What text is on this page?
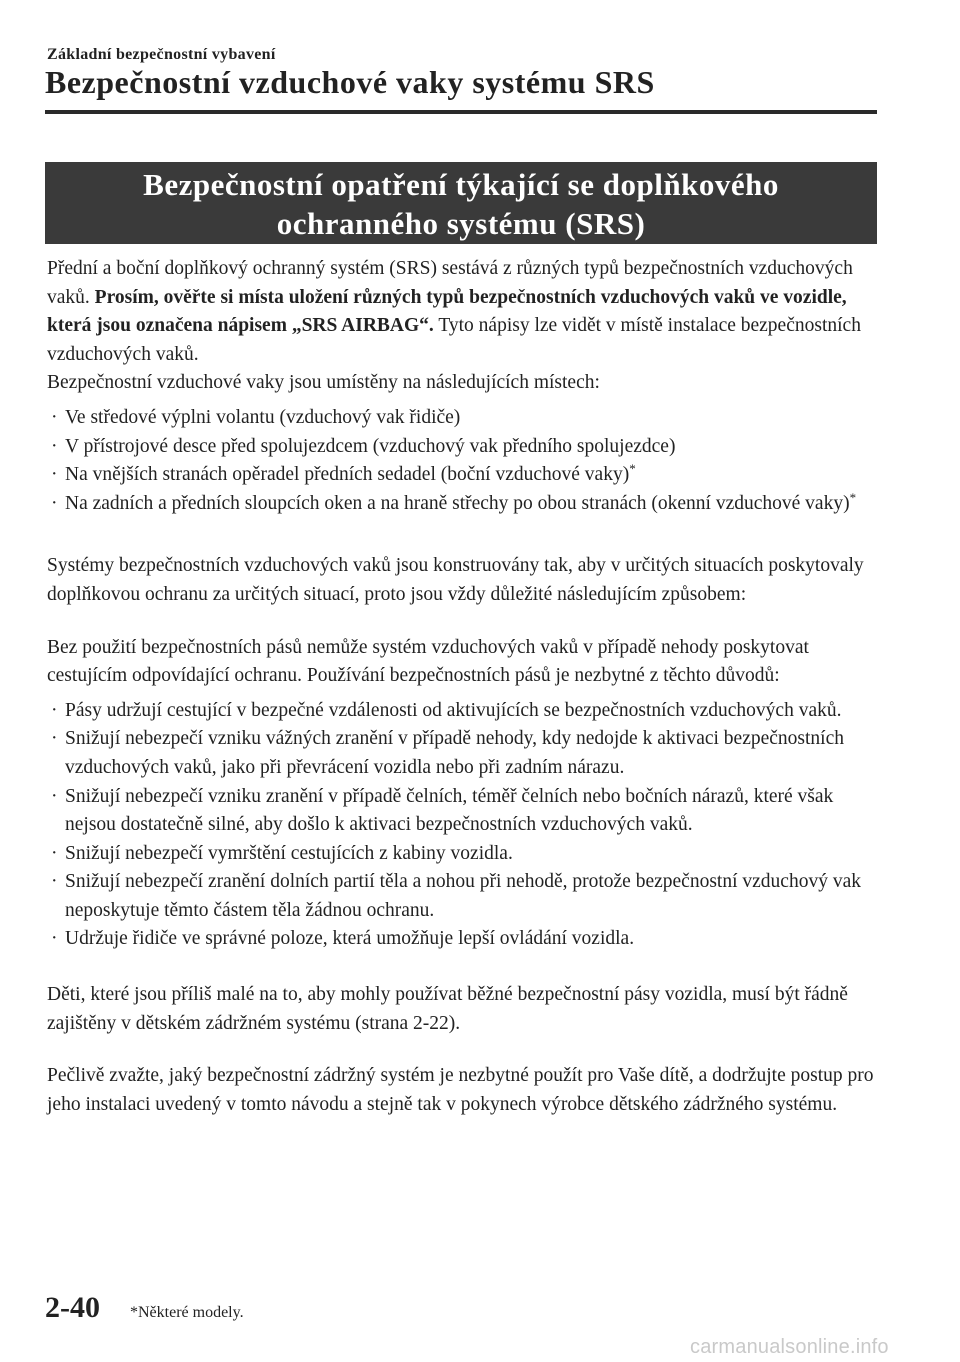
Základní bezpečnostní vybavení
Bezpečnostní vzduchové vaky systému SRS
Bezpečnostní opatření týkající se doplňkového
ochranného systému (SRS)

Přední a boční doplňkový ochranný systém (SRS) sestává z různých typů bezpečnostních vzduchových vaků. Prosím, ověřte si místa uložení různých typů bezpečnostních vzduchových vaků ve vozidle, která jsou označena nápisem „SRS AIRBAG“. Tyto nápisy lze vidět v místě instalace bezpečnostních vzduchových vaků.

Bezpečnostní vzduchové vaky jsou umístěny na následujících místech:

· Ve středové výplni volantu (vzduchový vak řidiče)
· V přístrojové desce před spolujezdcem (vzduchový vak předního spolujezdce)
· Na vnějších stranách opěradel předních sedadel (boční vzduchové vaky)*
· Na zadních a předních sloupcích oken a na hraně střechy po obou stranách (okenní vzduchové vaky)*

Systémy bezpečnostních vzduchových vaků jsou konstruovány tak, aby v určitých situacích poskytovaly doplňkovou ochranu za určitých situací, proto jsou vždy důležité následujícím způsobem:

Bez použití bezpečnostních pásů nemůže systém vzduchových vaků v případě nehody poskytovat cestujícím odpovídající ochranu. Používání bezpečnostních pásů je nezbytné z těchto důvodů:

· Pásy udržují cestující v bezpečné vzdálenosti od aktivujících se bezpečnostních vzduchových vaků.
· Snižují nebezpečí vzniku vážných zranění v případě nehody, kdy nedojde k aktivaci bezpečnostních vzduchových vaků, jako při převrácení vozidla nebo při zadním nárazu.
· Snižují nebezpečí vzniku zranění v případě čelních, téměř čelních nebo bočních nárazů, které však nejsou dostatečně silné, aby došlo k aktivaci bezpečnostních vzduchových vaků.
· Snižují nebezpečí vymrštění cestujících z kabiny vozidla.
· Snižují nebezpečí zranění dolních partií těla a nohou při nehodě, protože bezpečnostní vzduchový vak neposkytuje těmto částem těla žádnou ochranu.
· Udržuje řidiče ve správné poloze, která umožňuje lepší ovládání vozidla.

Děti, které jsou příliš malé na to, aby mohly používat běžné bezpečnostní pásy vozidla, musí být řádně zajištěny v dětském zádržném systému (strana 2-22).

Pečlivě zvažte, jaký bezpečnostní zádržný systém je nezbytné použít pro Vaše dítě, a dodržujte postup pro jeho instalaci uvedený v tomto návodu a stejně tak v pokynech výrobce dětského zádržného systému.

2-40 *Některé modely.
carmanualsonline.info
